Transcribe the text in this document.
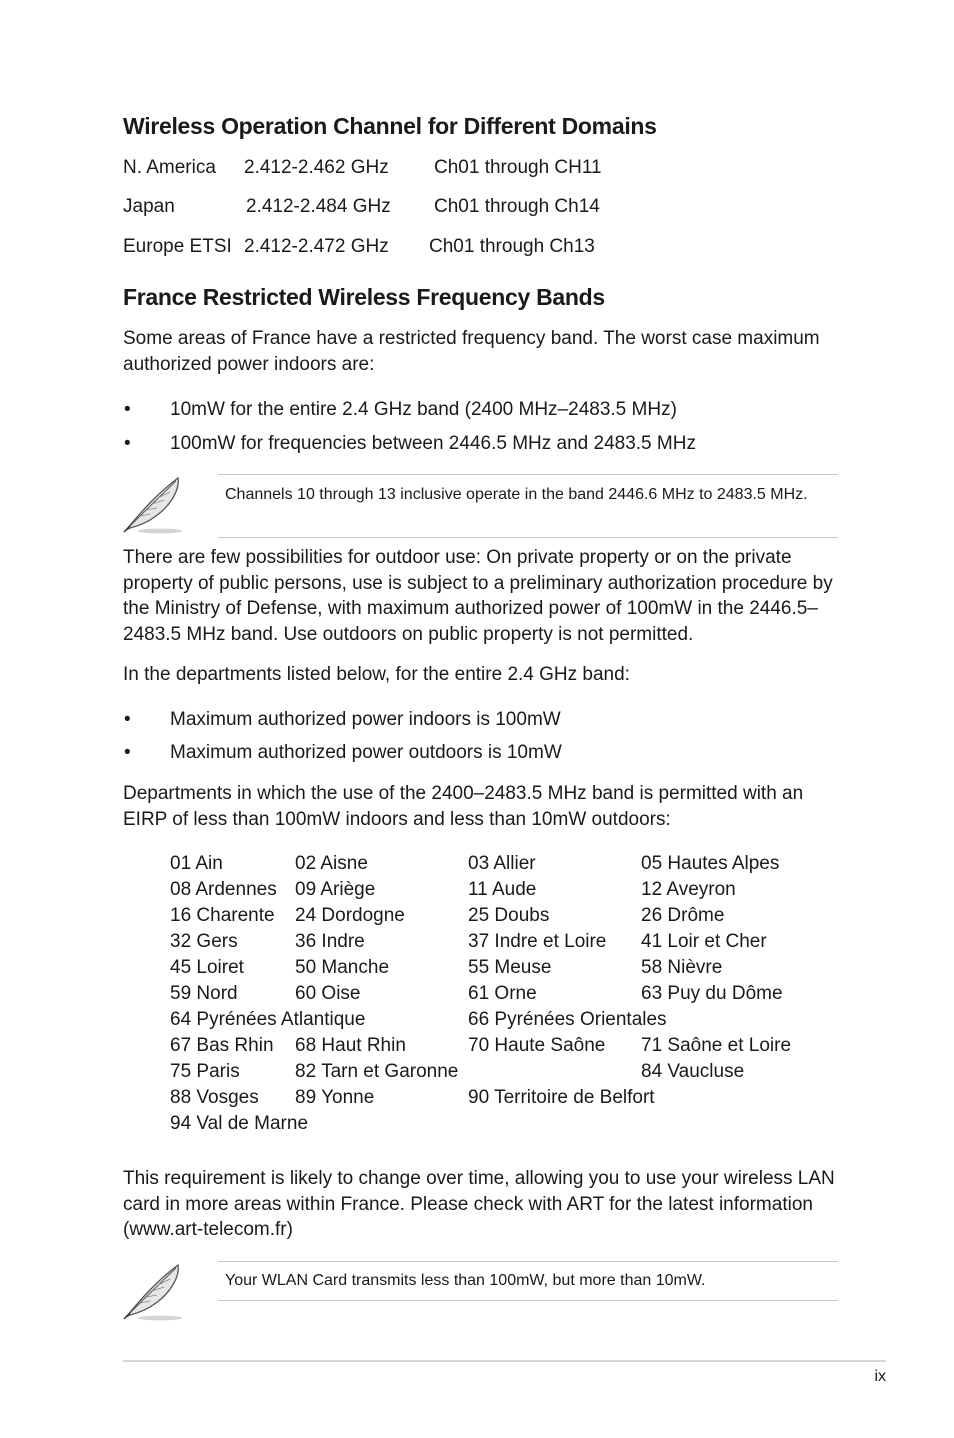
Wireless Operation Channel for Different Domains
N. America 2.412-2.462 GHz Ch01 through CH11
Japan	2.412-2.484 GHz Ch01 through Ch14
Europe ETSI 2.412-2.472 GHz Ch01 through Ch13
France Restricted Wireless Frequency Bands

Some areas of France have a restricted frequency band. The worst case maximum authorized power indoors are:

• 10mW for the entire 2.4 GHz band (2400 MHz–2483.5 MHz)
• 100mW for frequencies between 2446.5 MHz and 2483.5 MHz
Channels 10 through 13 inclusive operate in the band 2446.6 MHz to 2483.5 MHz.

There are few possibilities for outdoor use: On private property or on the private property of public persons, use is subject to a preliminary authorization procedure by the Ministry of Defense, with maximum authorized power of 100mW in the 2446.5–2483.5 MHz band. Use outdoors on public property is not permitted.

In the departments listed below, for the entire 2.4 GHz band:

• Maximum authorized power indoors is 100mW
• Maximum authorized power outdoors is 10mW

Departments in which the use of the 2400–2483.5 MHz band is permitted with an EIRP of less than 100mW indoors and less than 10mW outdoors:

01 Ain	02 Aisne	03 Allier	05 Hautes Alpes
08 Ardennes 09 Ariège	11 Aude	12 Aveyron
16 Charente 24 Dordogne	25 Doubs	26 Drôme
32 Gers	36 Indre	37 Indre et Loire 41 Loir et Cher
45 Loiret	50 Manche	55 Meuse	58 Nièvre
59 Nord	60 Oise	61 Orne	63 Puy du Dôme
64 Pyrénées Atlantique	66 Pyrénées Orientales
67 Bas Rhin 68 Haut Rhin	70 Haute Saône 71 Saône et Loire
75 Paris	82 Tarn et Garonne	84 Vaucluse
88 Vosges 89 Yonne	90 Territoire de Belfort
94 Val de Marne

This requirement is likely to change over time, allowing you to use your wireless LAN card in more areas within France. Please check with ART for the latest information (www.art-telecom.fr)

Your WLAN Card transmits less than 100mW, but more than 10mW.
ix
